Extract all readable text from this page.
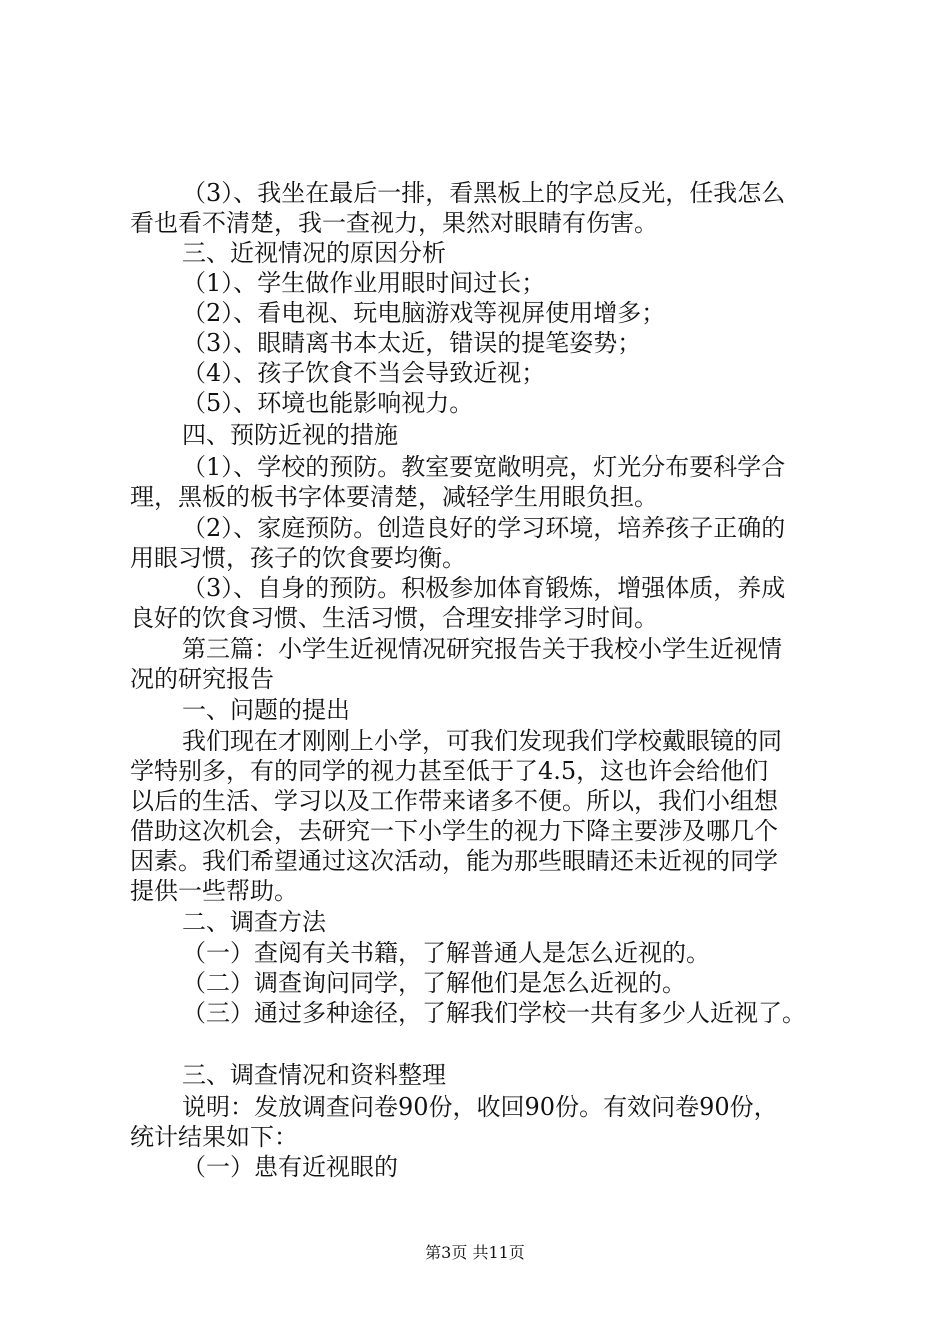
（3）、我坐在最后一排，看黑板上的字总反光，任我怎么
看也看不清楚，我一查视力，果然对眼睛有伤害。
三、近视情况的原因分析
（1）、学生做作业用眼时间过长；
（2）、看电视、玩电脑游戏等视屏使用增多；
（3）、眼睛离书本太近，错误的提笔姿势；
（4）、孩子饮食不当会导致近视；
（5）、环境也能影响视力。
四、预防近视的措施
（1）、学校的预防。教室要宽敞明亮，灯光分布要科学合
理，黑板的板书字体要清楚，减轻学生用眼负担。
（2）、家庭预防。创造良好的学习环境，培养孩子正确的
用眼习惯，孩子的饮食要均衡。
（3）、自身的预防。积极参加体育锻炼，增强体质，养成
良好的饮食习惯、生活习惯，合理安排学习时间。
第三篇：小学生近视情况研究报告关于我校小学生近视情
况的研究报告
一、问题的提出
我们现在才刚刚上小学，可我们发现我们学校戴眼镜的同
学特别多，有的同学的视力甚至低于了4.5，这也许会给他们
以后的生活、学习以及工作带来诸多不便。所以，我们小组想
借助这次机会，去研究一下小学生的视力下降主要涉及哪几个
因素。我们希望通过这次活动，能为那些眼睛还未近视的同学
提供一些帮助。
二、调查方法
（一）查阅有关书籍，了解普通人是怎么近视的。
（二）调查询问同学，了解他们是怎么近视的。
（三）通过多种途径，了解我们学校一共有多少人近视了。
三、调查情况和资料整理
说明：发放调查问卷90份，收回90份。有效问卷90份，
统计结果如下：
（一）患有近视眼的
第3页 共11页
